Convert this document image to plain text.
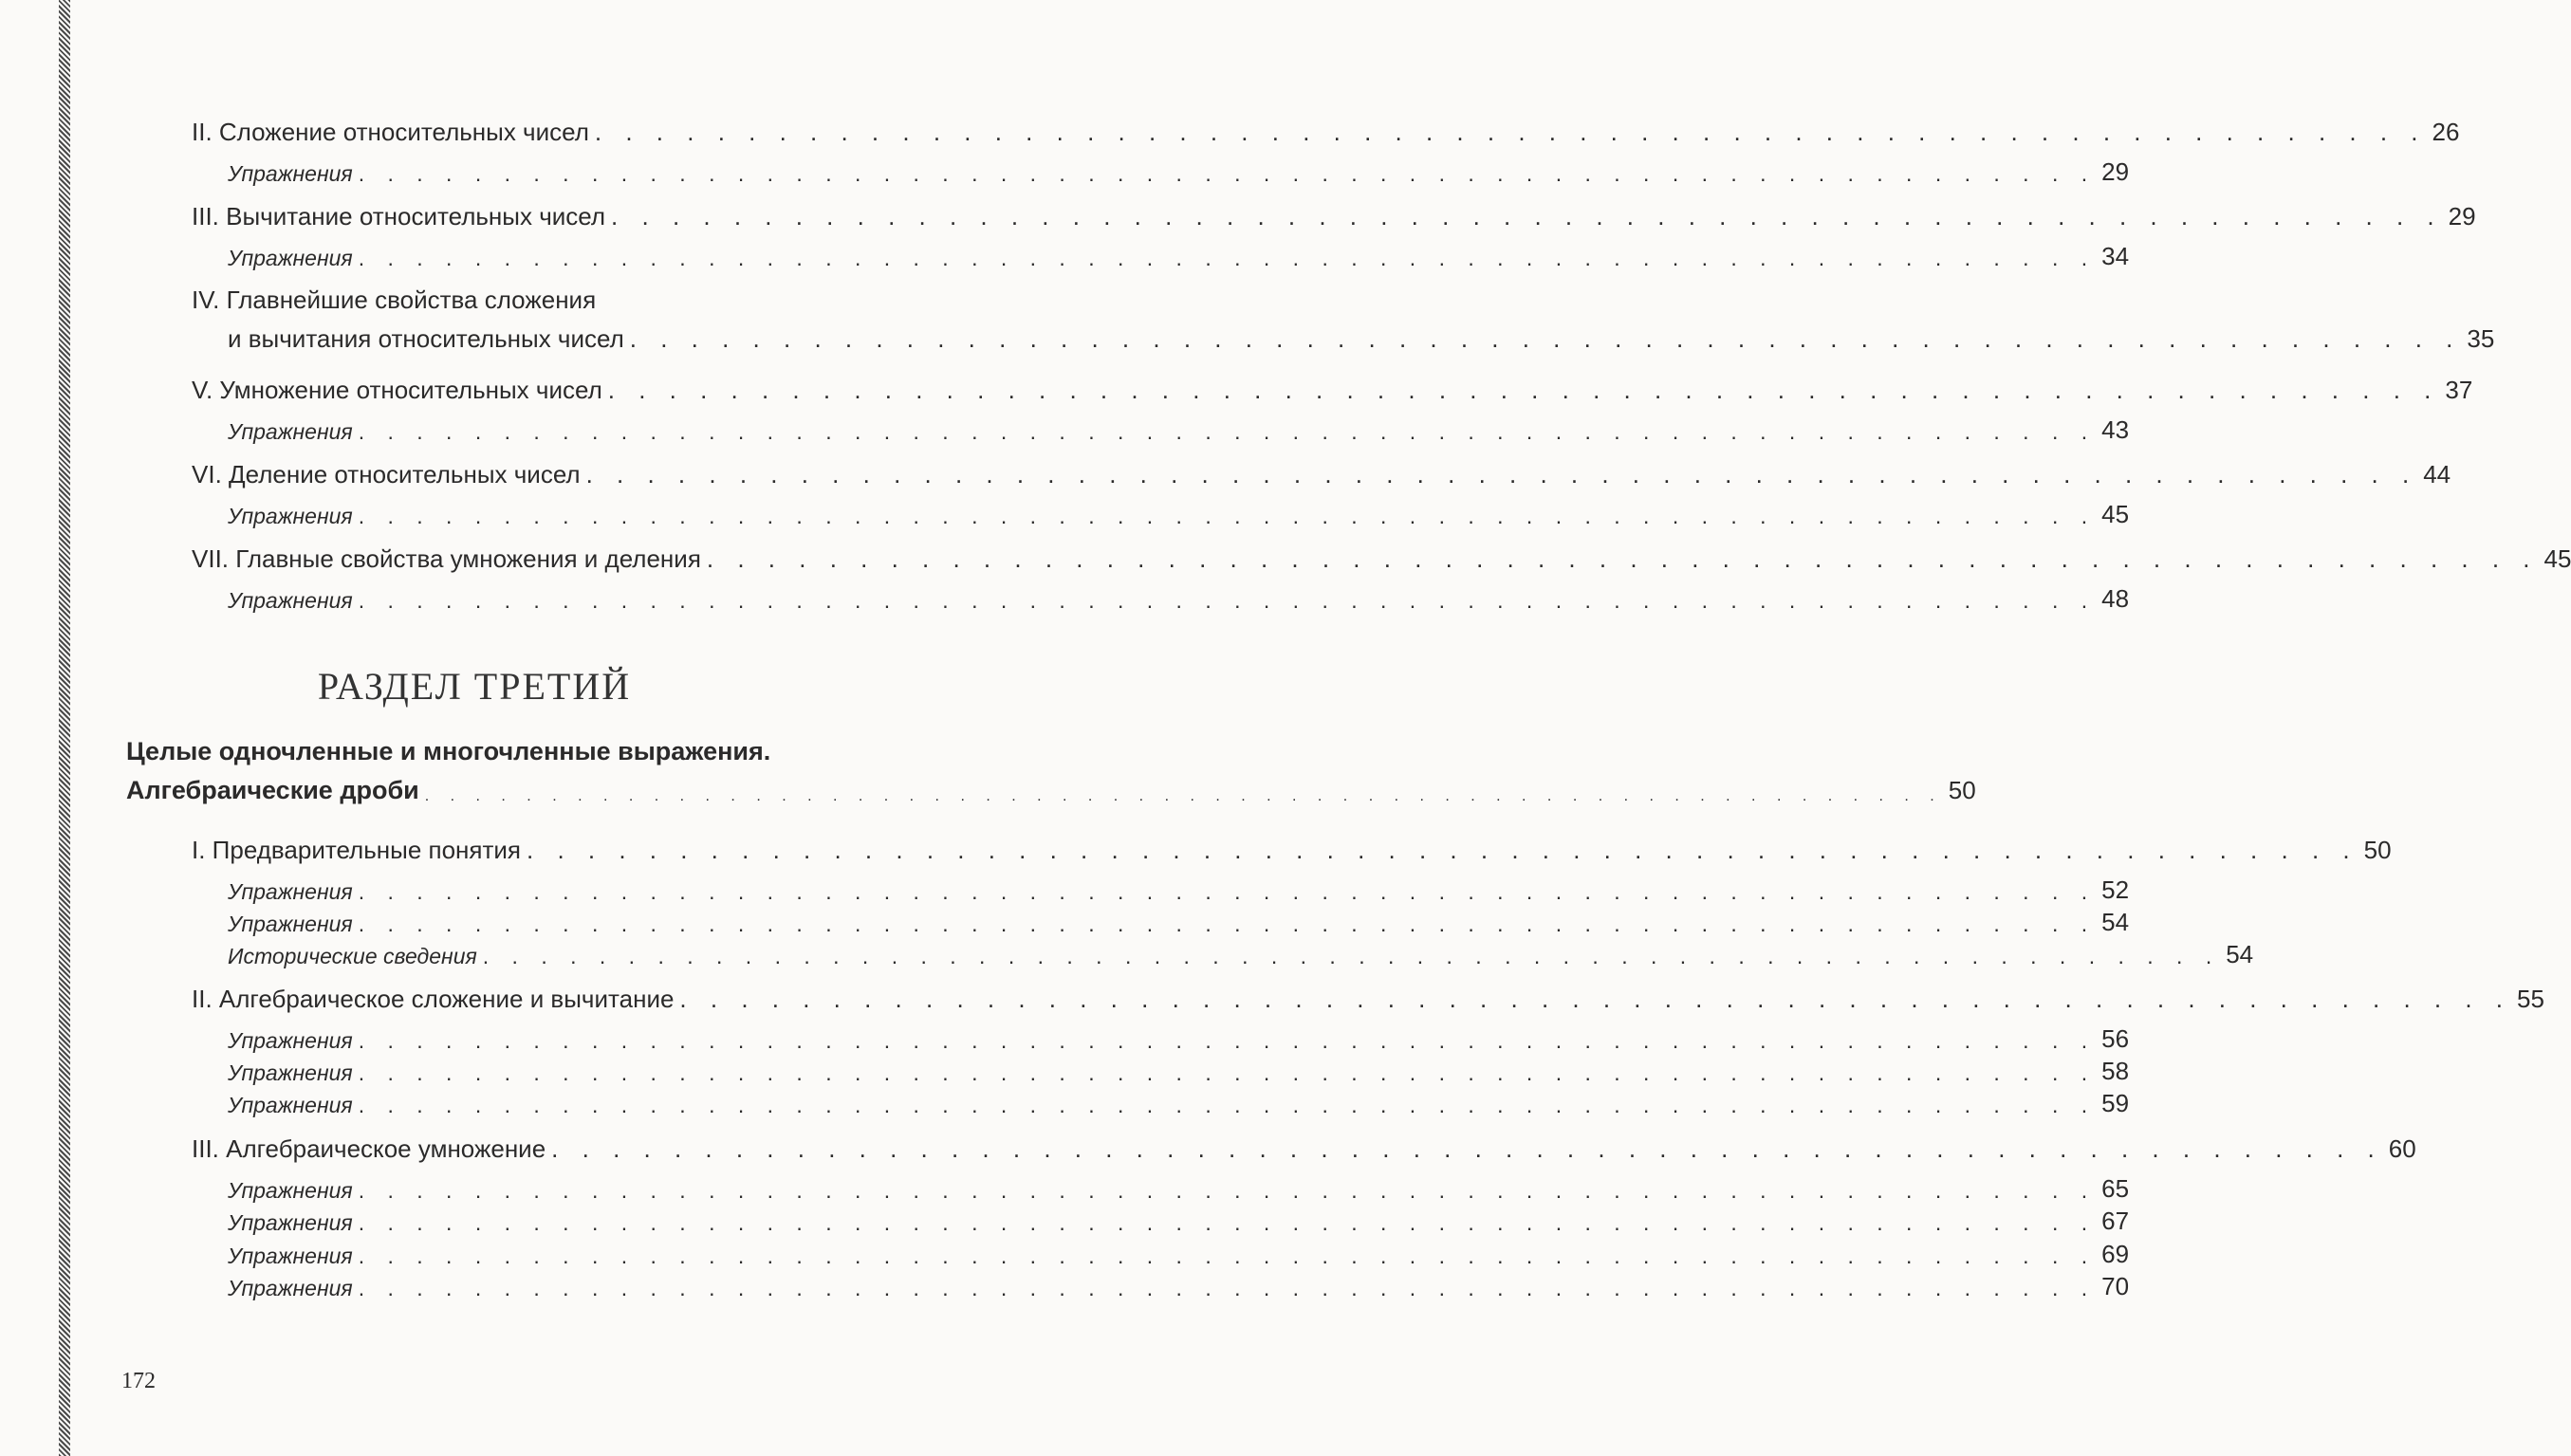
II. Сложение относительных чисел . . . . . . . . . . . . . . . . . . . . . . . . . . . . . . . . . . . . . . . . . . . . . . . . . . . . . . . . . . . . 26
Упражнения . . . . . . . . . . . . . . . . . . . . . . . . . . . . . . . . . . . . . . . . . . . . . . . . . . . . . . . . . . . . 29
III. Вычитание относительных чисел . . . . . . . . . . . . . . . . . . . . . . . . . . . . . . . . . . . . . . . . . . . . . . . . . . . . . . . . . . . . 29
Упражнения . . . . . . . . . . . . . . . . . . . . . . . . . . . . . . . . . . . . . . . . . . . . . . . . . . . . . . . . . . . . 34
IV. Главнейшие свойства сложения
и вычитания относительных чисел . . . . . . . . . . . . . . . . . . . . . . . . . . . . . . . . . . . . . . . . . . . . . . . . . . . . . . . . . . . . 35
V. Умножение относительных чисел . . . . . . . . . . . . . . . . . . . . . . . . . . . . . . . . . . . . . . . . . . . . . . . . . . . . . . . . . . . . 37
Упражнения . . . . . . . . . . . . . . . . . . . . . . . . . . . . . . . . . . . . . . . . . . . . . . . . . . . . . . . . . . . . 43
VI. Деление относительных чисел . . . . . . . . . . . . . . . . . . . . . . . . . . . . . . . . . . . . . . . . . . . . . . . . . . . . . . . . . . . . 44
Упражнения . . . . . . . . . . . . . . . . . . . . . . . . . . . . . . . . . . . . . . . . . . . . . . . . . . . . . . . . . . . . 45
VII. Главные свойства умножения и деления . . . . . . . . . . . . . . . . . . . . . . . . . . . . . . . . . . . . . . . . . . . . . . . . . . . . . . . . . . . . 45
Упражнения . . . . . . . . . . . . . . . . . . . . . . . . . . . . . . . . . . . . . . . . . . . . . . . . . . . . . . . . . . . . 48
РАЗДЕЛ ТРЕТИЙ
Целые одночленные и многочленные выражения.
Алгебраические дроби . . . . . . . . . . . . . . . . . . . . . . . . . . . . . . . . . . . . . . . . . . . . . . . . . . . . . . . . . . . . 50
I. Предварительные понятия . . . . . . . . . . . . . . . . . . . . . . . . . . . . . . . . . . . . . . . . . . . . . . . . . . . . . . . . . . . . 50
Упражнения . . . . . . . . . . . . . . . . . . . . . . . . . . . . . . . . . . . . . . . . . . . . . . . . . . . . . . . . . . . . 52
Упражнения . . . . . . . . . . . . . . . . . . . . . . . . . . . . . . . . . . . . . . . . . . . . . . . . . . . . . . . . . . . . 54
Исторические сведения . . . . . . . . . . . . . . . . . . . . . . . . . . . . . . . . . . . . . . . . . . . . . . . . . . . . . . . . . . . . 54
II. Алгебраическое сложение и вычитание . . . . . . . . . . . . . . . . . . . . . . . . . . . . . . . . . . . . . . . . . . . . . . . . . . . . . . . . . . . . 55
Упражнения . . . . . . . . . . . . . . . . . . . . . . . . . . . . . . . . . . . . . . . . . . . . . . . . . . . . . . . . . . . . 56
Упражнения . . . . . . . . . . . . . . . . . . . . . . . . . . . . . . . . . . . . . . . . . . . . . . . . . . . . . . . . . . . . 58
Упражнения . . . . . . . . . . . . . . . . . . . . . . . . . . . . . . . . . . . . . . . . . . . . . . . . . . . . . . . . . . . . 59
III. Алгебраическое умножение . . . . . . . . . . . . . . . . . . . . . . . . . . . . . . . . . . . . . . . . . . . . . . . . . . . . . . . . . . . . 60
Упражнения . . . . . . . . . . . . . . . . . . . . . . . . . . . . . . . . . . . . . . . . . . . . . . . . . . . . . . . . . . . . 65
Упражнения . . . . . . . . . . . . . . . . . . . . . . . . . . . . . . . . . . . . . . . . . . . . . . . . . . . . . . . . . . . . 67
Упражнения . . . . . . . . . . . . . . . . . . . . . . . . . . . . . . . . . . . . . . . . . . . . . . . . . . . . . . . . . . . . 69
Упражнения . . . . . . . . . . . . . . . . . . . . . . . . . . . . . . . . . . . . . . . . . . . . . . . . . . . . . . . . . . . . 70
172
